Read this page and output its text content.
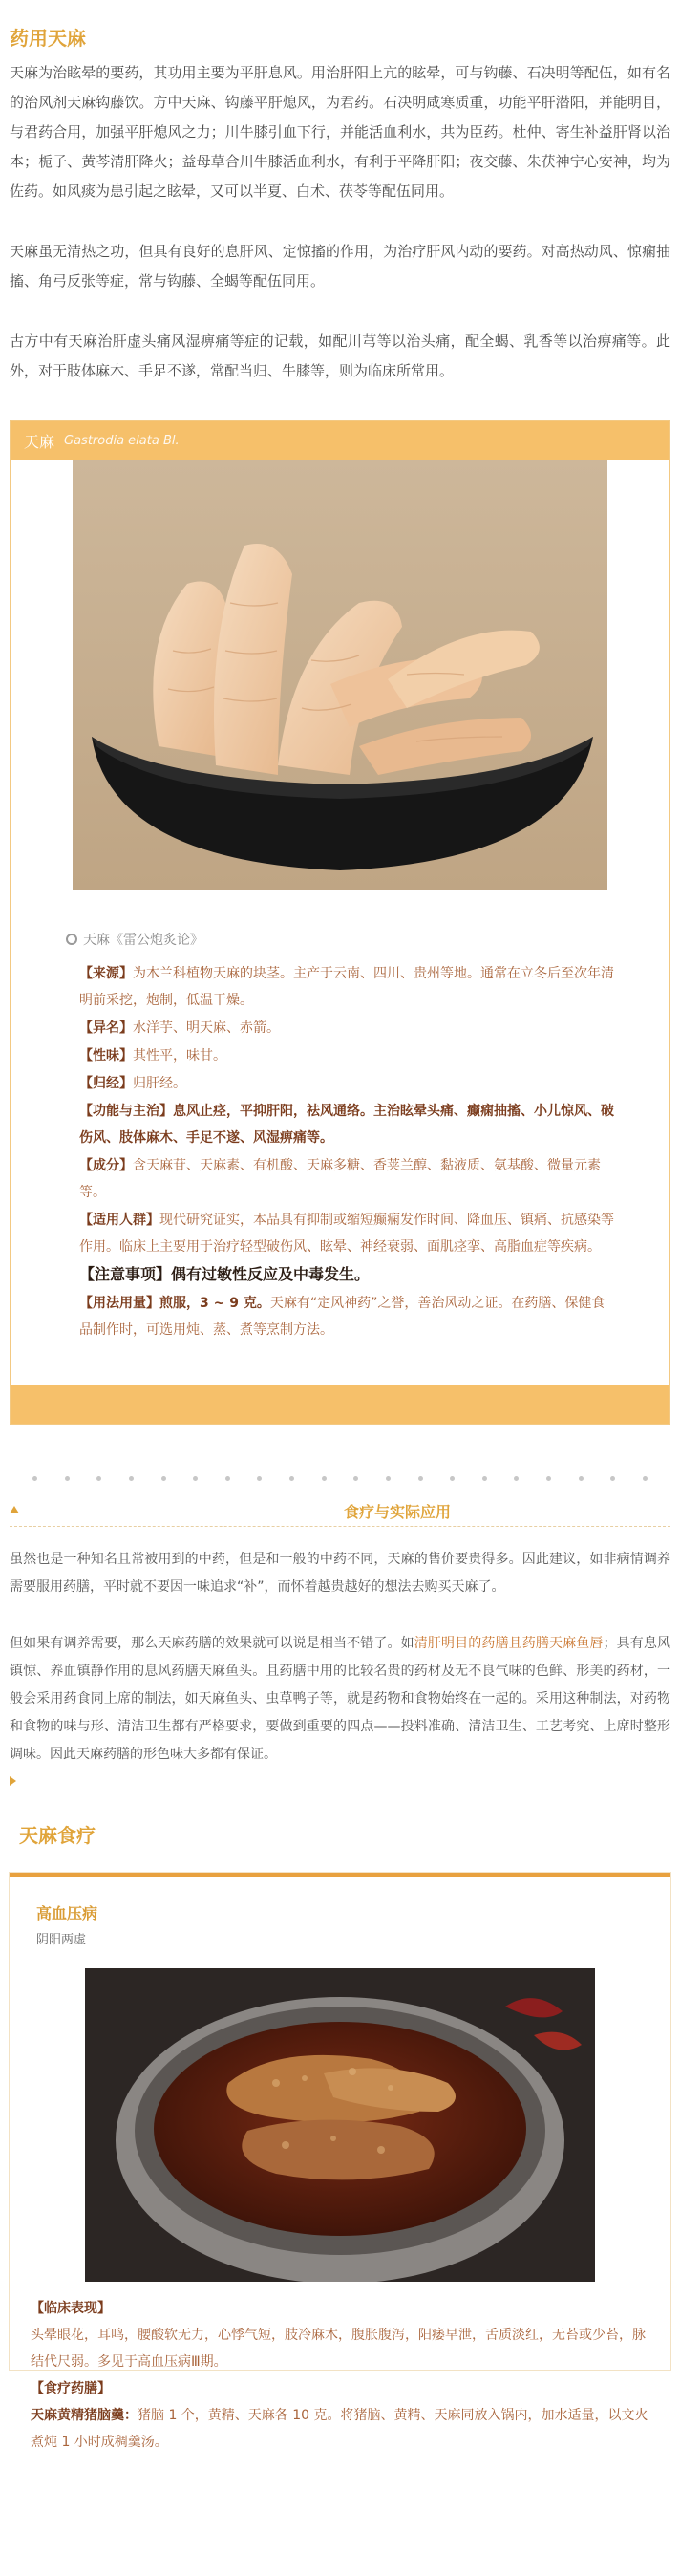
药用天麻

天麻为治眩晕的要药，其功用主要为平肝息风。用治肝阳上亢的眩晕，可与钩藤、石决明等配伍，如有名的治风剂天麻钩藤饮。方中天麻、钩藤平肝熄风，为君药。石决明咸寒质重，功能平肝潜阳，并能明目，与君药合用，加强平肝熄风之力；川牛膝引血下行，并能活血利水，共为臣药。杜仲、寄生补益肝肾以治本；栀子、黄芩清肝降火；益母草合川牛膝活血利水，有利于平降肝阳；夜交藤、朱茯神宁心安神，均为佐药。如风痰为患引起之眩晕，又可以半夏、白术、茯苓等配伍同用。

天麻虽无清热之功，但具有良好的息肝风、定惊搐的作用，为治疗肝风内动的要药。对高热动风、惊痫抽搐、角弓反张等症，常与钩藤、全蝎等配伍同用。

古方中有天麻治肝虚头痛风湿痹痛等症的记载，如配川芎等以治头痛，配全蝎、乳香等以治痹痛等。此外，对于肢体麻木、手足不遂，常配当归、牛膝等，则为临床所常用。

天麻 Gastrodia elata Bl.
天麻《雷公炮炙论》

【来源】为木兰科植物天麻的块茎。主产于云南、四川、贵州等地。通常在立冬后至次年清明前采挖，炮制，低温干燥。

【异名】水洋芋、明天麻、赤箭。

【性味】其性平，味甘。

【归经】归肝经。

【功能与主治】息风止痉，平抑肝阳，祛风通络。主治眩晕头痛、癫痫抽搐、小儿惊风、破伤风、肢体麻木、手足不遂、风湿痹痛等。

【成分】含天麻苷、天麻素、有机酸、天麻多糖、香荚兰醇、黏液质、氨基酸、微量元素等。

【适用人群】现代研究证实，本品具有抑制或缩短癫痫发作时间、降血压、镇痛、抗感染等作用。临床上主要用于治疗轻型破伤风、眩晕、神经衰弱、面肌痉挛、高脂血症等疾病。

【注意事项】偶有过敏性反应及中毒发生。

【用法用量】煎服，3 ~ 9 克。天麻有“定风神药”之誉，善治风动之证。在药膳、保健食品制作时，可选用炖、蒸、煮等烹制方法。

食疗与实际应用

虽然也是一种知名且常被用到的中药，但是和一般的中药不同，天麻的售价要贵得多。因此建议，如非病情调养需要服用药膳，平时就不要因一味追求“补”，而怀着越贵越好的想法去购买天麻了。

但如果有调养需要，那么天麻药膳的效果就可以说是相当不错了。如清肝明目的药膳且药膳天麻鱼唇；具有息风镇惊、养血镇静作用的息风药膳天麻鱼头。且药膳中用的比较名贵的药材及无不良气味的色鲜、形美的药材，一般会采用药食同上席的制法，如天麻鱼头、虫草鸭子等，就是药物和食物始终在一起的。采用这种制法，对药物和食物的味与形、清洁卫生都有严格要求，要做到重要的四点——投料准确、清洁卫生、工艺考究、上席时整形调味。因此天麻药膳的形色味大多都有保证。

天麻食疗
高血压病
阴阳两虚

【临床表现】

头晕眼花，耳鸣，腰酸软无力，心悸气短，肢冷麻木，腹胀腹泻，阳痿早泄，舌质淡红，无苔或少苔，脉结代尺弱。多见于高血压病Ⅲ期。

【食疗药膳】

天麻黄精猪脑羹：猪脑 1 个，黄精、天麻各 10 克。将猪脑、黄精、天麻同放入锅内，加水适量，以文火煮炖 1 小时成稠羹汤。
